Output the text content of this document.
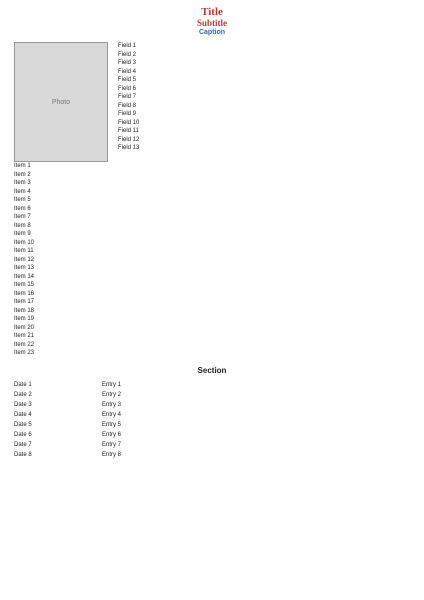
Title
Subtitle
Caption
Photo
Field 1
Field 2
Field 3
Field 4
Field 5
Field 6
Field 7
Field 8
Field 9
Field 10
Field 11
Field 12
Field 13
Item 1
Item 2
Item 3
Item 4
Item 5
Item 6
Item 7
Item 8
Item 9
Item 10
Item 11
Item 12
Item 13
Item 14
Item 15
Item 16
Item 17
Item 18
Item 19
Item 20
Item 21
Item 22
Item 23
Section
Date 1	Entry 1
Date 2	Entry 2
Date 3	Entry 3
Date 4	Entry 4
Date 5	Entry 5
Date 6	Entry 6
Date 7	Entry 7
Date 8	Entry 8
